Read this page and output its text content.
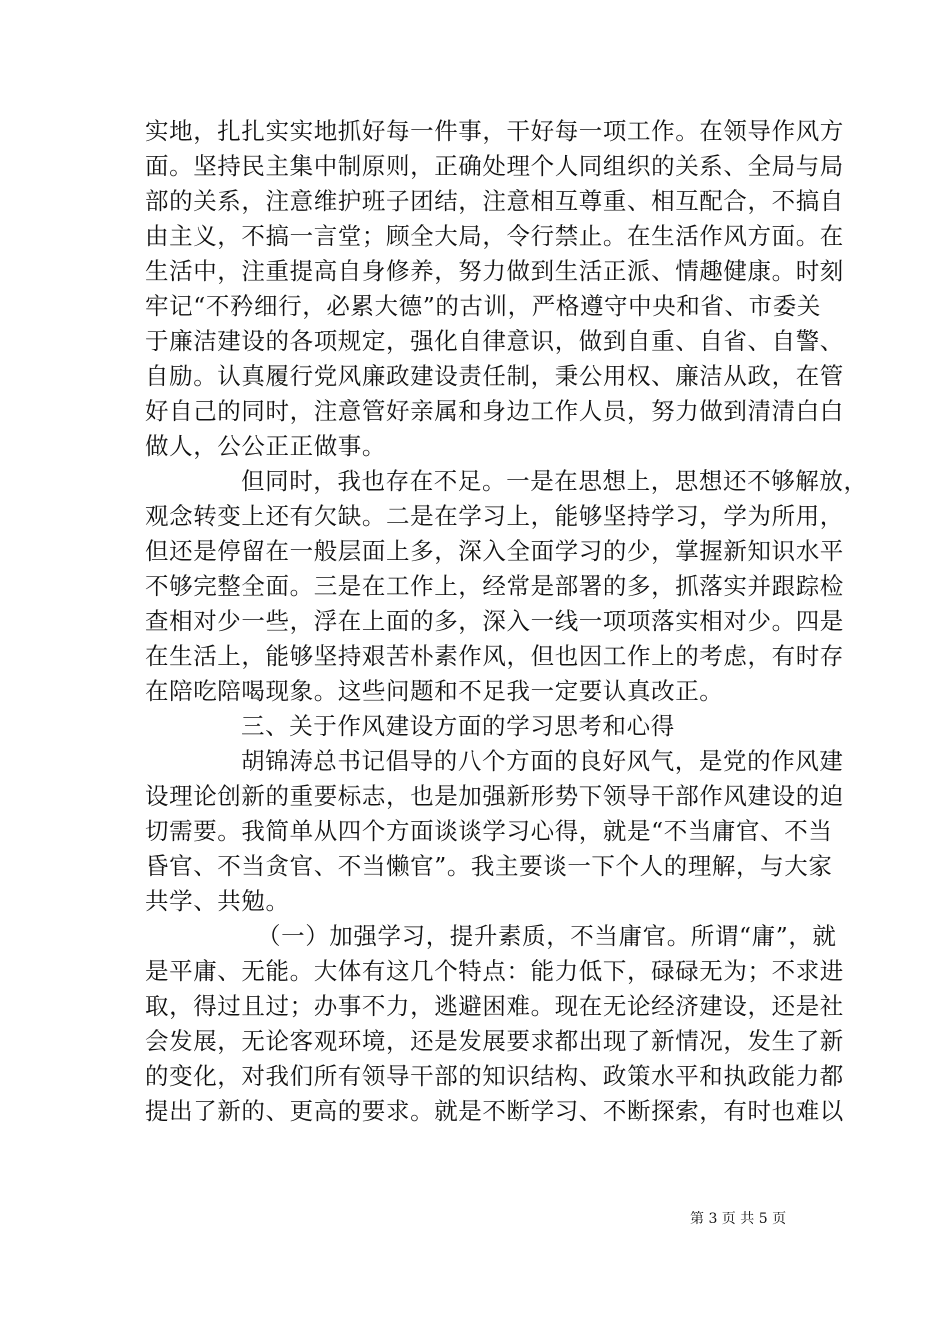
实地，扎扎实实地抓好每一件事，干好每一项工作。在领导作风方
面。坚持民主集中制原则，正确处理个人同组织的关系、全局与局
部的关系，注意维护班子团结，注意相互尊重、相互配合，不搞自
由主义，不搞一言堂；顾全大局，令行禁止。在生活作风方面。在
生活中，注重提高自身修养，努力做到生活正派、情趣健康。时刻
牢记“不矜细行，必累大德”的古训，严格遵守中央和省、市委关
于廉洁建设的各项规定，强化自律意识，做到自重、自省、自警、
自励。认真履行党风廉政建设责任制，秉公用权、廉洁从政，在管
好自己的同时，注意管好亲属和身边工作人员，努力做到清清白白
做人，公公正正做事。
但同时，我也存在不足。一是在思想上，思想还不够解放，
观念转变上还有欠缺。二是在学习上，能够坚持学习，学为所用，
但还是停留在一般层面上多，深入全面学习的少，掌握新知识水平
不够完整全面。三是在工作上，经常是部署的多，抓落实并跟踪检
查相对少一些，浮在上面的多，深入一线一项项落实相对少。四是
在生活上，能够坚持艰苦朴素作风，但也因工作上的考虑，有时存
在陪吃陪喝现象。这些问题和不足我一定要认真改正。
三、关于作风建设方面的学习思考和心得
胡锦涛总书记倡导的八个方面的良好风气，是党的作风建
设理论创新的重要标志，也是加强新形势下领导干部作风建设的迫
切需要。我简单从四个方面谈谈学习心得，就是“不当庸官、不当
昏官、不当贪官、不当懒官”。我主要谈一下个人的理解，与大家
共学、共勉。
（一）加强学习，提升素质，不当庸官。所谓“庸”，就
是平庸、无能。大体有这几个特点：能力低下，碌碌无为；不求进
取，得过且过；办事不力，逃避困难。现在无论经济建设，还是社
会发展，无论客观环境，还是发展要求都出现了新情况，发生了新
的变化，对我们所有领导干部的知识结构、政策水平和执政能力都
提出了新的、更高的要求。就是不断学习、不断探索，有时也难以
第 3 页 共 5 页
